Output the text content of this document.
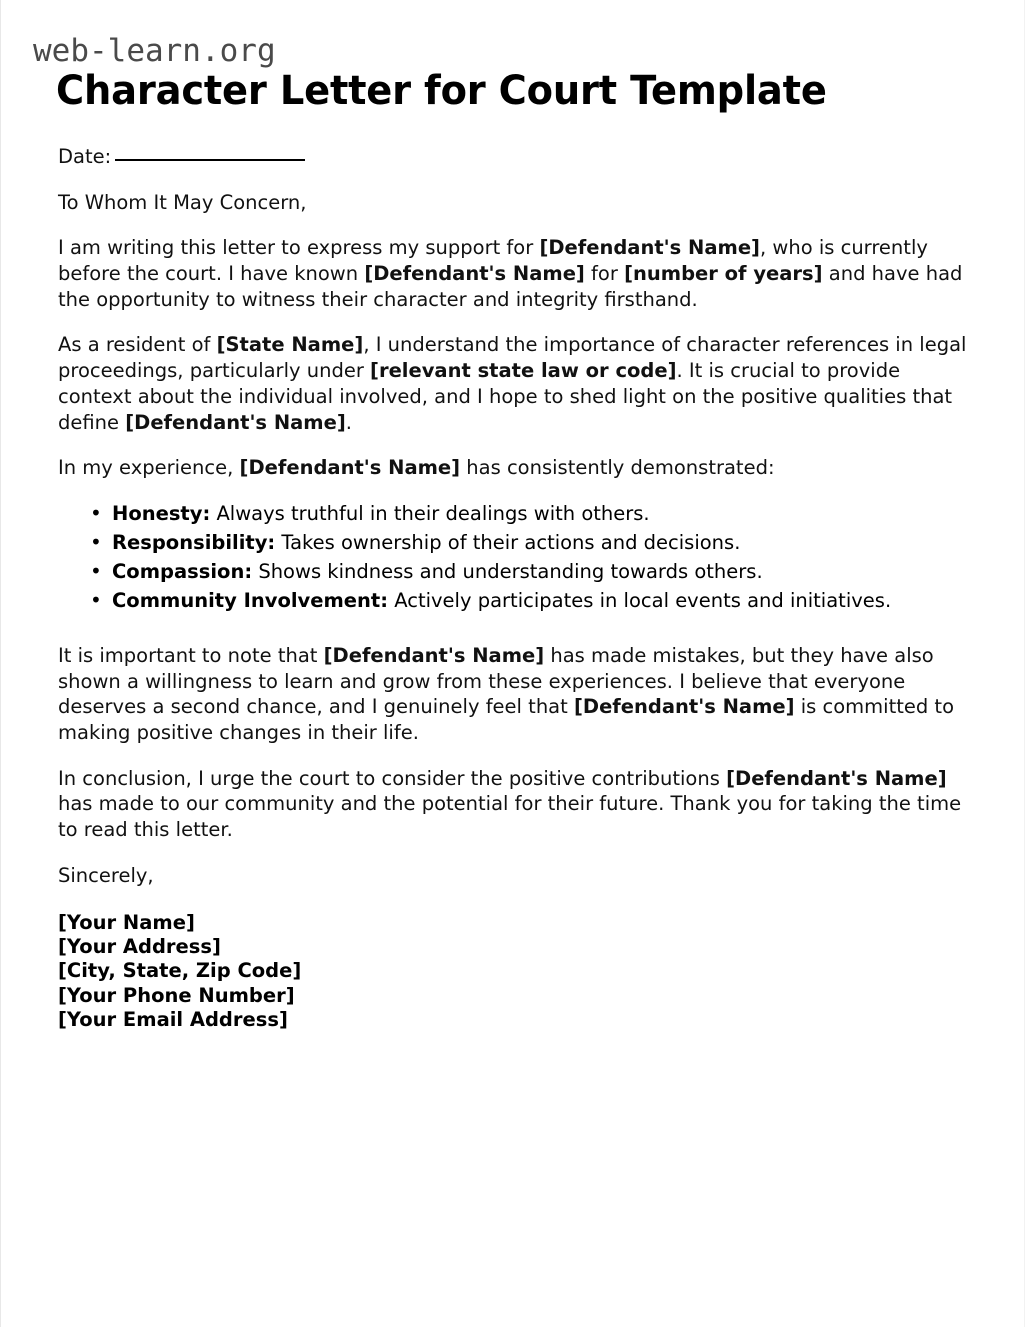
web-learn.org
Character Letter for Court Template

Date:

To Whom It May Concern,

I am writing this letter to express my support for [Defendant's Name], who is currently before the court. I have known [Defendant's Name] for [number of years] and have had the opportunity to witness their character and integrity firsthand.

As a resident of [State Name], I understand the importance of character references in legal proceedings, particularly under [relevant state law or code]. It is crucial to provide context about the individual involved, and I hope to shed light on the positive qualities that define [Defendant's Name].

In my experience, [Defendant's Name] has consistently demonstrated:

• Honesty: Always truthful in their dealings with others.
• Responsibility: Takes ownership of their actions and decisions.
• Compassion: Shows kindness and understanding towards others.
• Community Involvement: Actively participates in local events and initiatives.

It is important to note that [Defendant's Name] has made mistakes, but they have also shown a willingness to learn and grow from these experiences. I believe that everyone deserves a second chance, and I genuinely feel that [Defendant's Name] is committed to making positive changes in their life.

In conclusion, I urge the court to consider the positive contributions [Defendant's Name] has made to our community and the potential for their future. Thank you for taking the time to read this letter.

Sincerely,

[Your Name]
[Your Address]
[City, State, Zip Code]
[Your Phone Number]
[Your Email Address]
